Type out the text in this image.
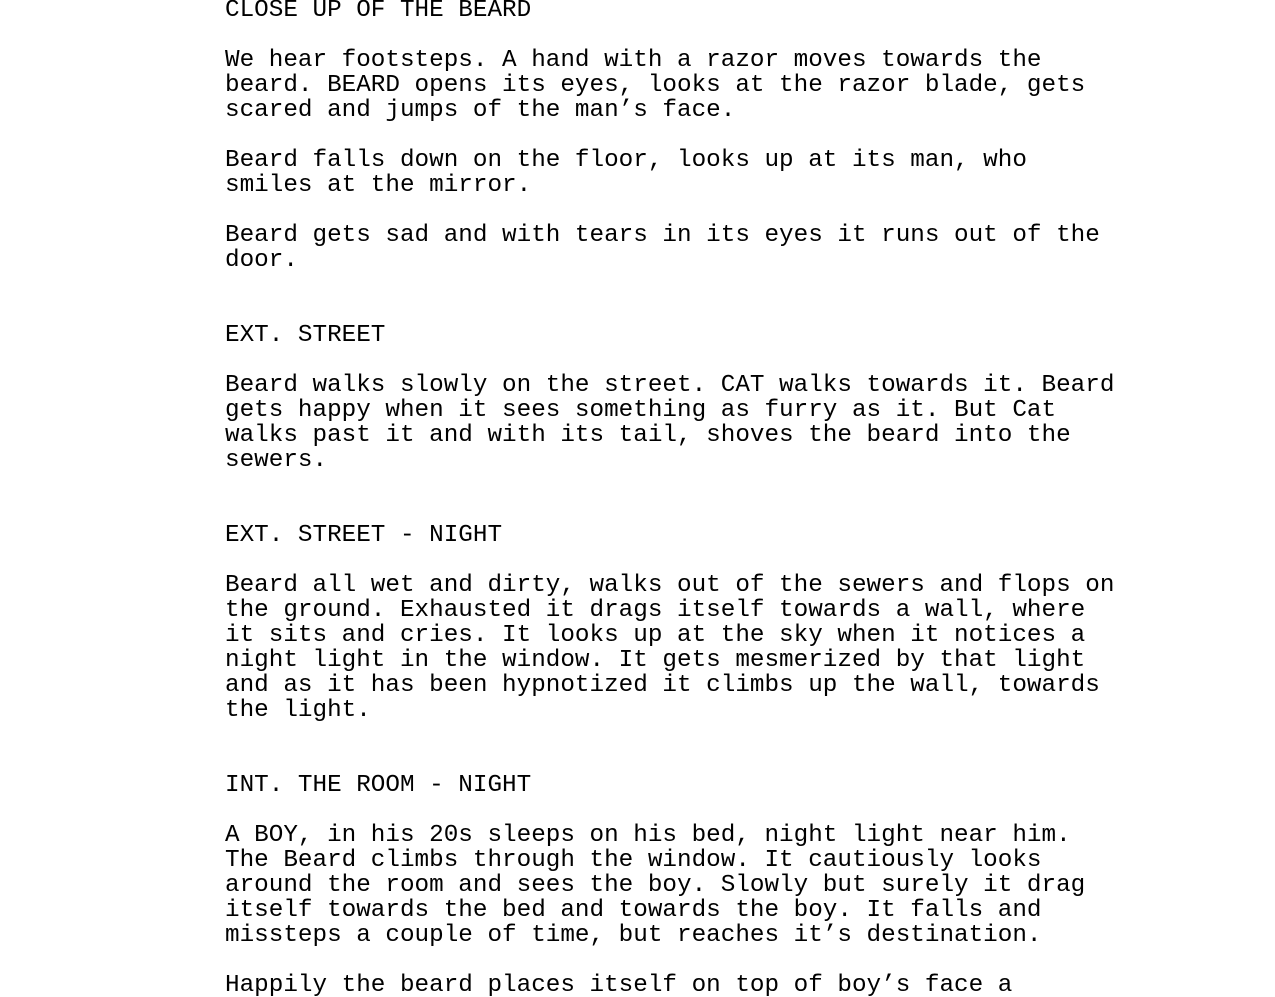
CLOSE UP OF THE BEARD
We hear footsteps. A hand with a razor moves towards the
beard. BEARD opens its eyes, looks at the razor blade, gets
scared and jumps of the man’s face.
Beard falls down on the floor, looks up at its man, who
smiles at the mirror.
Beard gets sad and with tears in its eyes it runs out of the
door.
EXT. STREET
Beard walks slowly on the street. CAT walks towards it. Beard
gets happy when it sees something as furry as it. But Cat
walks past it and with its tail, shoves the beard into the
sewers.
EXT. STREET - NIGHT
Beard all wet and dirty, walks out of the sewers and flops on
the ground. Exhausted it drags itself towards a wall, where
it sits and cries. It looks up at the sky when it notices a
night light in the window. It gets mesmerized by that light
and as it has been hypnotized it climbs up the wall, towards
the light.
INT. THE ROOM - NIGHT
A BOY, in his 20s sleeps on his bed, night light near him.
The Beard climbs through the window. It cautiously looks
around the room and sees the boy. Slowly but surely it drag
itself towards the bed and towards the boy. It falls and
missteps a couple of time, but reaches it’s destination.
Happily the beard places itself on top of boy’s face a
